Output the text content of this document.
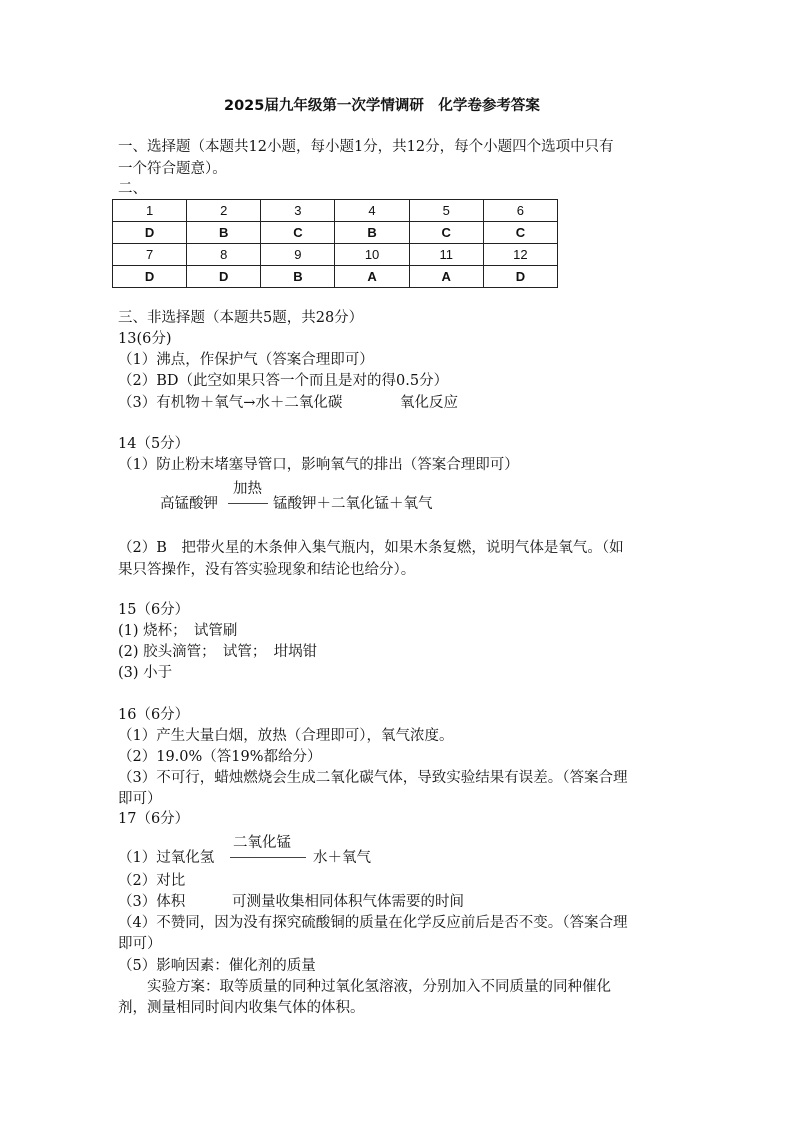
2025届九年级第一次学情调研　化学卷参考答案
一、选择题（本题共12小题，每小题1分，共12分，每个小题四个选项中只有
一个符合题意）。
二、
1	2	3	4	5	6
D	B	C	B	C	C
7	8	9	10	11	12
D	D	B	A	A	D
三、非选择题（本题共5题，共28分）
13(6分)
（1）沸点，作保护气（答案合理即可）
（2）BD（此空如果只答一个而且是对的得0.5分）
（3）有机物＋氧气→水＋二氧化碳	氧化反应
14（5分）
（1）防止粉末堵塞导管口，影响氧气的排出（答案合理即可）
加热
高锰酸钾	锰酸钾＋二氧化锰＋氧气
（2）B　把带火星的木条伸入集气瓶内，如果木条复燃，说明气体是氧气。（如
果只答操作，没有答实验现象和结论也给分）。
15（6分）
(1) 烧杯；　试管刷
(2) 胶头滴管；　试管；　坩埚钳
(3) 小于
16（6分）
（1）产生大量白烟，放热（合理即可），氧气浓度。
（2）19.0%（答19%都给分）
（3）不可行，蜡烛燃烧会生成二氧化碳气体，导致实验结果有误差。（答案合理
即可）
17（6分）
二氧化锰
（1）过氧化氢	水＋氧气
（2）对比
（3）体积	可测量收集相同体积气体需要的时间
（4）不赞同，因为没有探究硫酸铜的质量在化学反应前后是否不变。（答案合理
即可）
（5）影响因素：催化剂的质量
　　实验方案：取等质量的同种过氧化氢溶液，分别加入不同质量的同种催化
剂，测量相同时间内收集气体的体积。
